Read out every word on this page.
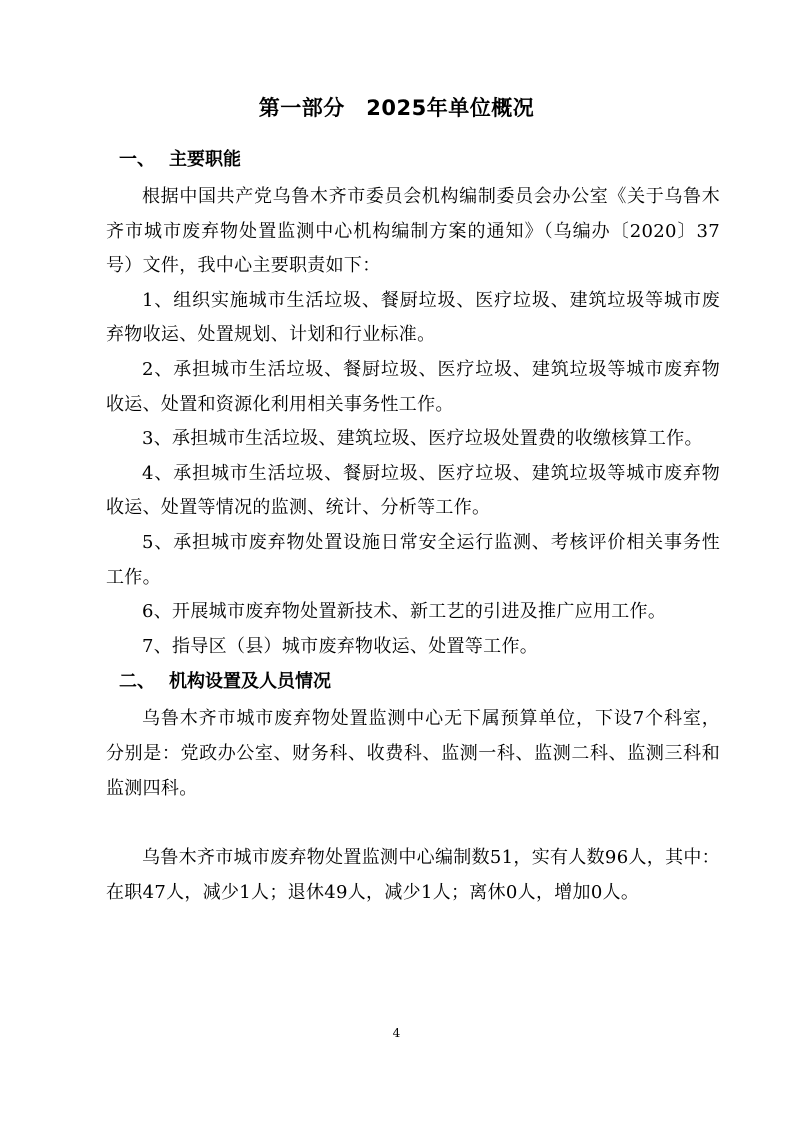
第一部分　2025年单位概况
一、 主要职能

根据中国共产党乌鲁木齐市委员会机构编制委员会办公室《关于乌鲁木齐市城市废弃物处置监测中心机构编制方案的通知》（乌编办〔2020〕37号）文件，我中心主要职责如下：

1、组织实施城市生活垃圾、餐厨垃圾、医疗垃圾、建筑垃圾等城市废弃物收运、处置规划、计划和行业标准。

2、承担城市生活垃圾、餐厨垃圾、医疗垃圾、建筑垃圾等城市废弃物收运、处置和资源化利用相关事务性工作。

3、承担城市生活垃圾、建筑垃圾、医疗垃圾处置费的收缴核算工作。

4、承担城市生活垃圾、餐厨垃圾、医疗垃圾、建筑垃圾等城市废弃物收运、处置等情况的监测、统计、分析等工作。

5、承担城市废弃物处置设施日常安全运行监测、考核评价相关事务性工作。

6、开展城市废弃物处置新技术、新工艺的引进及推广应用工作。

7、指导区（县）城市废弃物收运、处置等工作。

二、 机构设置及人员情况

乌鲁木齐市城市废弃物处置监测中心无下属预算单位，下设7个科室，分别是：党政办公室、财务科、收费科、监测一科、监测二科、监测三科和监测四科。

乌鲁木齐市城市废弃物处置监测中心编制数51，实有人数96人，其中：在职47人，减少1人；退休49人，减少1人；离休0人，增加0人。

4
